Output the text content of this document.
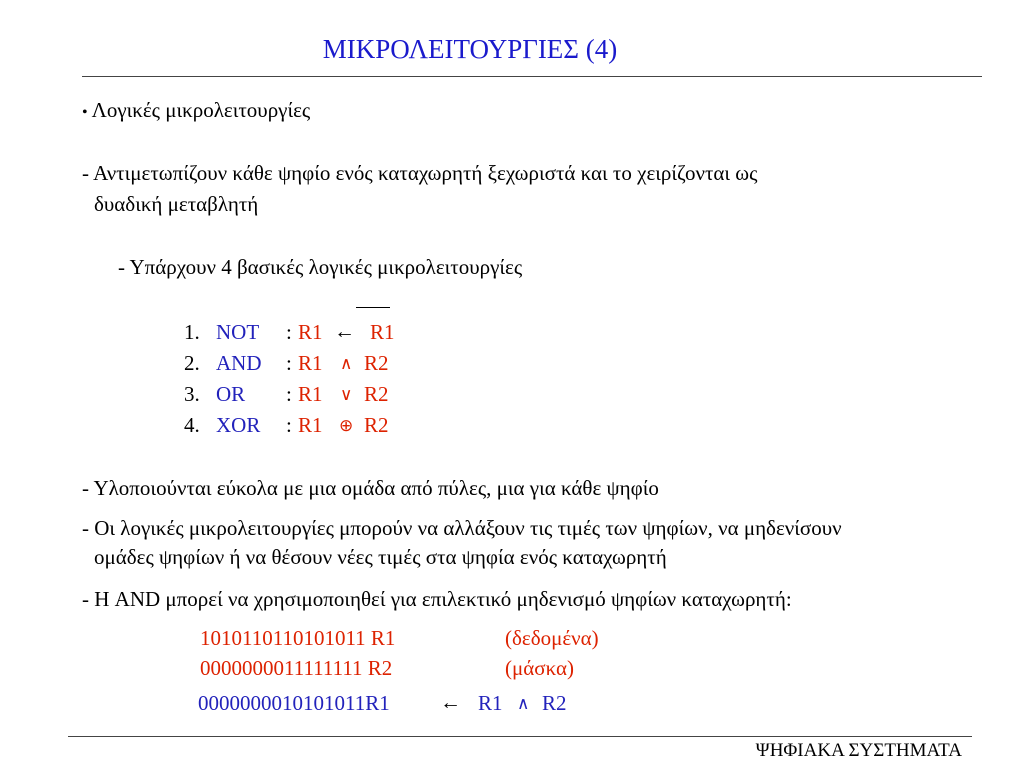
ΜΙΚΡΟΛΕΙΤΟΥΡΓΙΕΣ (4)
• Λογικές μικρολειτουργίες
- Αντιμετωπίζουν κάθε ψηφίο ενός καταχωρητή ξεχωριστά και το χειρίζονται ως
δυαδική μεταβλητή
- Υπάρχουν 4 βασικές λογικές μικρολειτουργίες
1. NOT : R1 ← R1
2. AND : R1 ∧ R2
3. OR : R1 ∨ R2
4. XOR : R1 ⊕ R2
- Υλοποιούνται εύκολα με μια ομάδα από πύλες, μια για κάθε ψηφίο
- Οι λογικές μικρολειτουργίες μπορούν να αλλάξουν τις τιμές των ψηφίων, να μηδενίσουν
ομάδες ψηφίων ή να θέσουν νέες τιμές στα ψηφία ενός καταχωρητή
- Η AND μπορεί να χρησιμοποιηθεί για επιλεκτικό μηδενισμό ψηφίων καταχωρητή:
1010110110101011 R1	(δεδομένα)
0000000011111111 R2	(μάσκα)
0000000010101011R1 ← R1 ∧ R2
ΨΗΦΙΑΚΑ ΣΥΣΤΗΜΑΤΑ
